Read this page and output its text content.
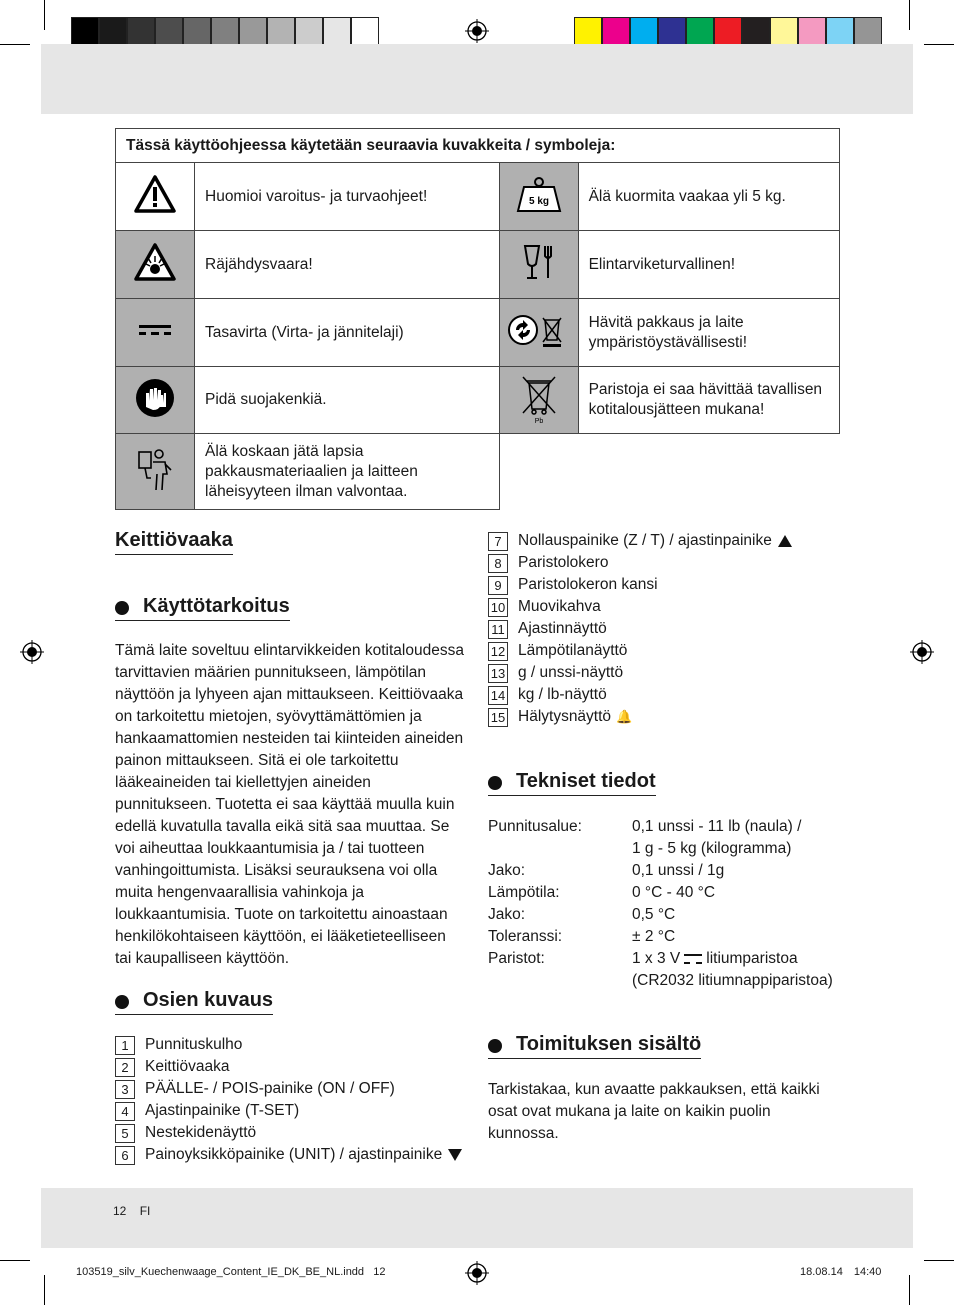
Tässä käyttöohjeessa käytetään seuraavia kuvakkeita / symboleja:			
	Huomioi varoitus- ja turvaohjeet!	5 kg	Älä kuormita vaakaa yli 5 kg.
	Räjähdysvaara!		Elintarviketurvallinen!
	Tasavirta (Virta- ja jännitelaji)		Hävitä pakkaus ja laite ympäristöystävällisesti!
	Pidä suojakenkiä.	Pb	Paristoja ei saa hävittää tavallisen kotitalousjätteen mukana!
	Älä koskaan jätä lapsia pakkausmateriaalien ja laitteen läheisyyteen ilman valvontaa.		
Keittiövaaka
Käyttötarkoitus
Tämä laite soveltuu elintarvikkeiden kotitaloudessa tarvittavien määrien punnitukseen, lämpötilan näyttöön ja lyhyeen ajan mittaukseen. Keittiövaaka on tarkoitettu mietojen, syövyttämättömien ja hankaamattomien nesteiden tai kiinteiden aineiden painon mittaukseen. Sitä ei ole tarkoitettu lääkeaineiden tai kiellettyjen aineiden punnitukseen. Tuotetta ei saa käyttää muulla kuin edellä kuvatulla tavalla eikä sitä saa muuttaa. Se voi aiheuttaa loukkaantumisia ja / tai tuotteen vanhingoittumista. Lisäksi seurauksena voi olla muita hengenvaarallisia vahinkoja ja loukkaantumisia. Tuote on tarkoitettu ainoastaan henkilökohtaiseen käyttöön, ei lääketieteelliseen tai kaupalliseen käyttöön.
Osien kuvaus
1	Punnituskulho
2	Keittiövaaka
3	PÄÄLLE- / POIS-painike (ON / OFF)
4	Ajastinpainike (T-SET)
5	Nestekidenäyttö
6	Painoyksikköpainike (UNIT) / ajastinpainike
7	Nollauspainike (Z / T) / ajastinpainike
8	Paristolokero
9	Paristolokeron kansi
10 Muovikahva
11 Ajastinnäyttö
12 Lämpötilanäyttö
13 g / unssi-näyttö
14 kg / lb-näyttö
15 Hälytysnäyttö 🔔
Tekniset tiedot
Punnitusalue:	0,1 unssi - 11 lb (naula) /
1 g - 5 kg (kilogramma)
Jako:	0,1 unssi / 1g
Lämpötila:	0 °C - 40 °C
Jako:	0,5 °C
Toleranssi:	± 2 °C
Paristot:	1 x 3 V litiumparistoa
(CR2032 litiumnappiparistoa)
Toimituksen sisältö
Tarkistakaa, kun avaatte pakkauksen, että kaikki osat ovat mukana ja laite on kaikin puolin kunnossa.
12 FI
103519_silv_Kuechenwaage_Content_IE_DK_BE_NL.indd   12	18.08.14 14:40
